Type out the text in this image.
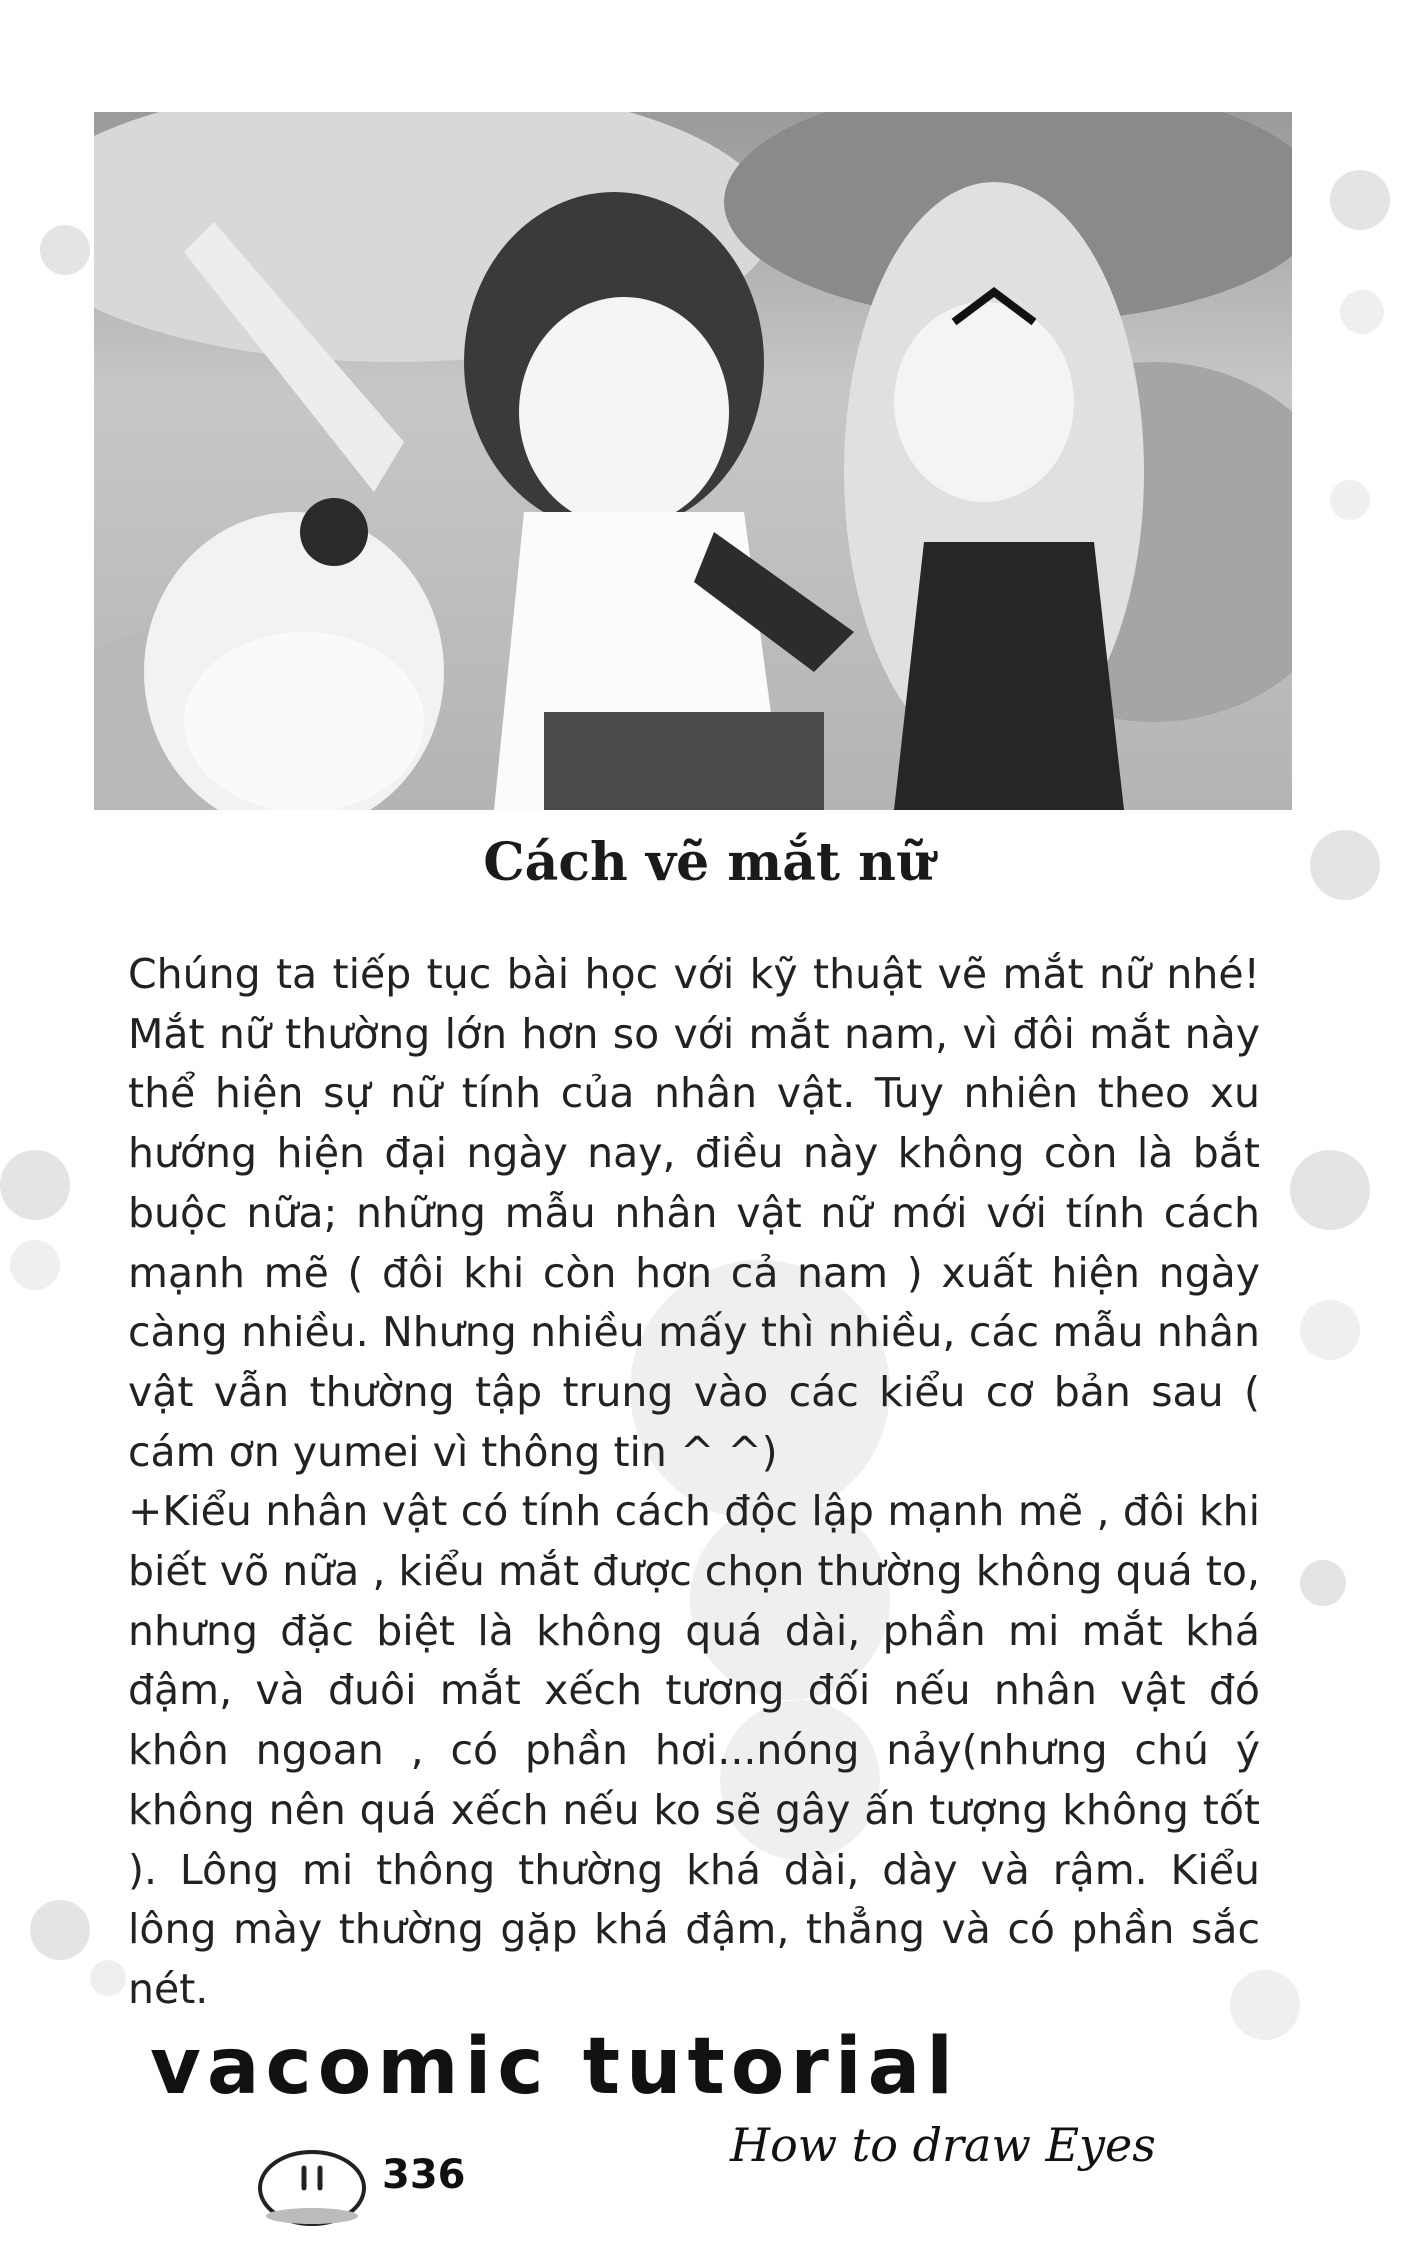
Cách vẽ mắt nữ

Chúng ta tiếp tục bài học với kỹ thuật vẽ mắt nữ nhé! Mắt nữ thường lớn hơn so với mắt nam, vì đôi mắt này thể hiện sự nữ tính của nhân vật. Tuy nhiên theo xu hướng hiện đại ngày nay, điều này không còn là bắt buộc nữa; những mẫu nhân vật nữ mới với tính cách mạnh mẽ ( đôi khi còn hơn cả nam ) xuất hiện ngày càng nhiều. Nhưng nhiều mấy thì nhiều, các mẫu nhân vật vẫn thường tập trung vào các kiểu cơ bản sau ( cám ơn yumei vì thông tin ^ ^)

+Kiểu nhân vật có tính cách độc lập mạnh mẽ , đôi khi biết võ nữa , kiểu mắt được chọn thường không quá to, nhưng đặc biệt là không quá dài, phần mi mắt khá đậm, và đuôi mắt xếch tương đối nếu nhân vật đó khôn ngoan , có phần hơi...nóng nảy(nhưng chú ý không nên quá xếch nếu ko sẽ gây ấn tượng không tốt ). Lông mi thông thường khá dài, dày và rậm. Kiểu lông mày thường gặp khá đậm, thẳng và có phần sắc nét.

vacomic tutorial
How to draw Eyes
336
